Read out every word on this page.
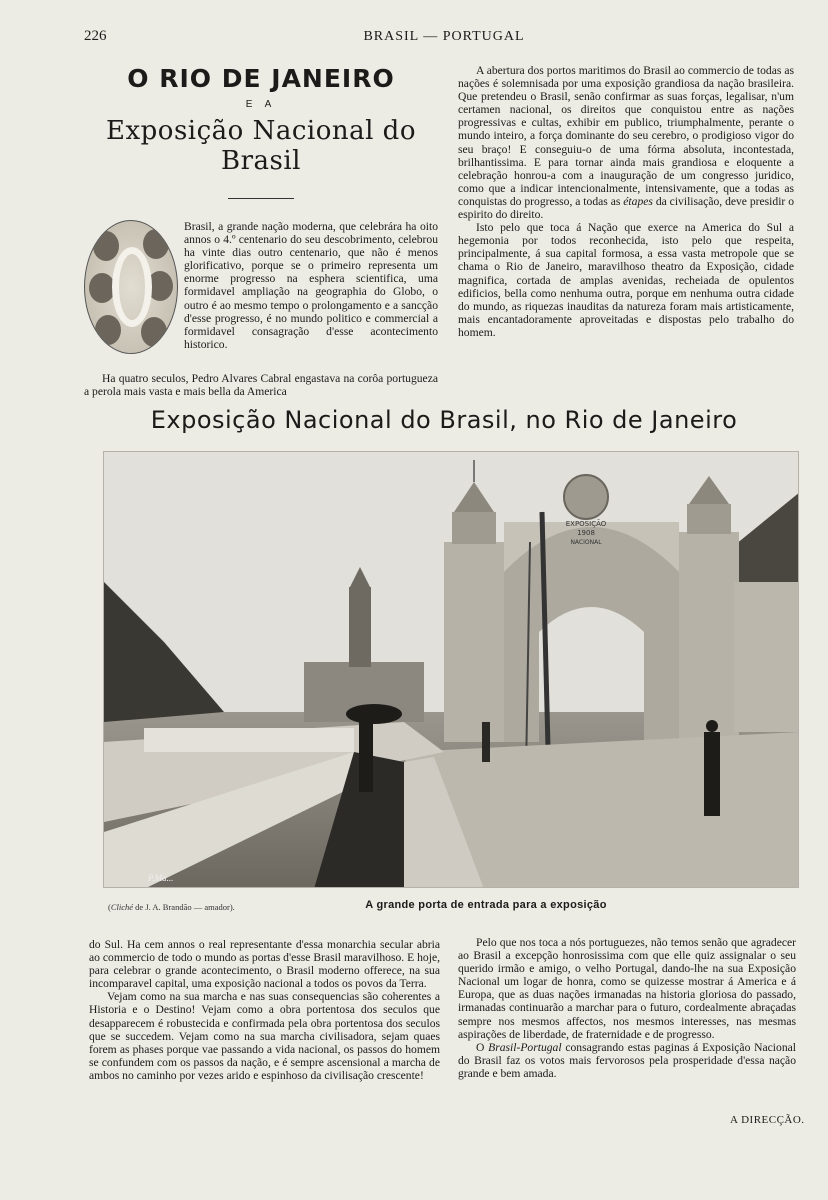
226	BRASIL — PORTUGAL
O RIO DE JANEIRO
E A
Exposição Nacional do Brasil

Brasil, a grande nação moderna, que celebrára ha oito annos o 4.º centenario do seu descobrimento, celebrou ha vinte dias outro centenario, que não é menos glorificativo, porque se o primeiro representa um enorme progresso na esphera scientifica, uma formidavel ampliação na geographia do Globo, o outro é ao mesmo tempo o prolongamento e a sancção d'esse progresso, é no mundo politico e commercial a formidavel consagração d'esse acontecimento historico.

Ha quatro seculos, Pedro Alvares Cabral engastava na corôa portugueza a perola mais vasta e mais bella da America

A abertura dos portos maritimos do Brasil ao commercio de todas as nações é solemnisada por uma exposição grandiosa da nação brasileira. Que pretendeu o Brasil, senão confirmar as suas forças, legalisar, n'um certamen nacional, os direitos que conquistou entre as nações progressivas e cultas, exhibir em publico, triumphalmente, perante o mundo inteiro, a força dominante do seu cerebro, o prodigioso vigor do seu braço! E conseguiu-o de uma fórma absoluta, incontestada, brilhantissima. E para tornar ainda mais grandiosa e eloquente a celebração honrou-a com a inauguração de um congresso juridico, como que a indicar intencionalmente, intensivamente, que a todas as conquistas do progresso, a todas as étapes da civilisação, deve presidir o espirito do direito.

Isto pelo que toca á Nação que exerce na America do Sul a hegemonia por todos reconhecida, isto pelo que respeita, principalmente, á sua capital formosa, a essa vasta metropole que se chama o Rio de Janeiro, maravilhoso theatro da Exposição, cidade magnifica, cortada de amplas avenidas, recheiada de opulentos edificios, bella como nenhuma outra, porque em nenhuma outra cidade do mundo, as riquezas inauditas da natureza foram mais artisticamente, mais encantadoramente aproveitadas e dispostas pelo trabalho do homem.

Exposição Nacional do Brasil, no Rio de Janeiro
EXPOSIÇÃO
1908
NACIONAL
P.Ma...
(Cliché de J. A. Brandão — amador).	A grande porta de entrada para a exposição

do Sul. Ha cem annos o real representante d'essa monarchia secular abria ao commercio de todo o mundo as portas d'esse Brasil maravilhoso. E hoje, para celebrar o grande acontecimento, o Brasil moderno offerece, na sua incomparavel capital, uma exposição nacional a todos os povos da Terra.

Vejam como na sua marcha e nas suas consequencias são coherentes a Historia e o Destino! Vejam como a obra portentosa dos seculos que desapparecem é robustecida e confirmada pela obra portentosa dos seculos que se succedem. Vejam como na sua marcha civilisadora, sejam quaes forem as phases porque vae passando a vida nacional, os passos do homem se confundem com os passos da nação, e é sempre ascensional a marcha de ambos no caminho por vezes arido e espinhoso da civilisação crescente!

Pelo que nos toca a nós portuguezes, não temos senão que agradecer ao Brasil a excepção honrosissima com que elle quiz assignalar o seu querido irmão e amigo, o velho Portugal, dando-lhe na sua Exposição Nacional um logar de honra, como se quizesse mostrar á America e á Europa, que as duas nações irmanadas na historia gloriosa do passado, irmanadas continuarão a marchar para o futuro, cordealmente abraçadas sempre nos mesmos affectos, nos mesmos interesses, nas mesmas aspirações de liberdade, de fraternidade e de progresso.

O Brasil-Portugal consagrando estas paginas á Exposição Nacional do Brasil faz os votos mais fervorosos pela prosperidade d'essa nação grande e bem amada.

A DIRECÇÃO.
